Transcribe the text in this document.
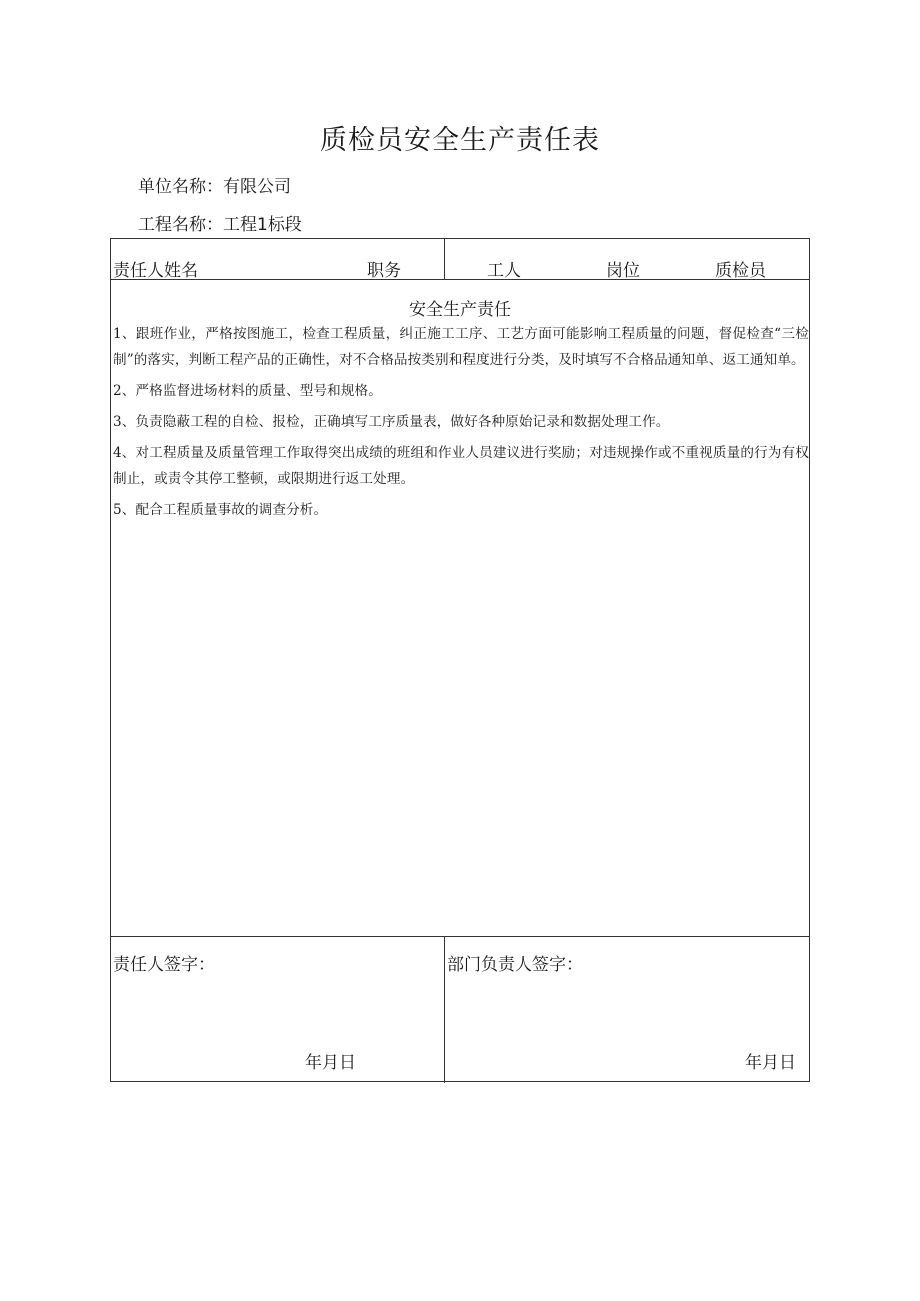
质检员安全生产责任表
单位名称：有限公司
工程名称：工程1标段
责任人姓名	职务	工人	岗位	质检员
安全生产责任
1、跟班作业，严格按图施工，检查工程质量，纠正施工工序、工艺方面可能影响工程质量的问题，督促检查“三检制”的落实，判断工程产品的正确性，对不合格品按类别和程度进行分类，及时填写不合格品通知单、返工通知单。
2、严格监督进场材料的质量、型号和规格。
3、负责隐蔽工程的自检、报检，正确填写工序质量表，做好各种原始记录和数据处理工作。
4、对工程质量及质量管理工作取得突出成绩的班组和作业人员建议进行奖励；对违规操作或不重视质量的行为有权制止，或责令其停工整顿，或限期进行返工处理。
5、配合工程质量事故的调查分析。
责任人签字：	部门负责人签字：
年月日	年月日
